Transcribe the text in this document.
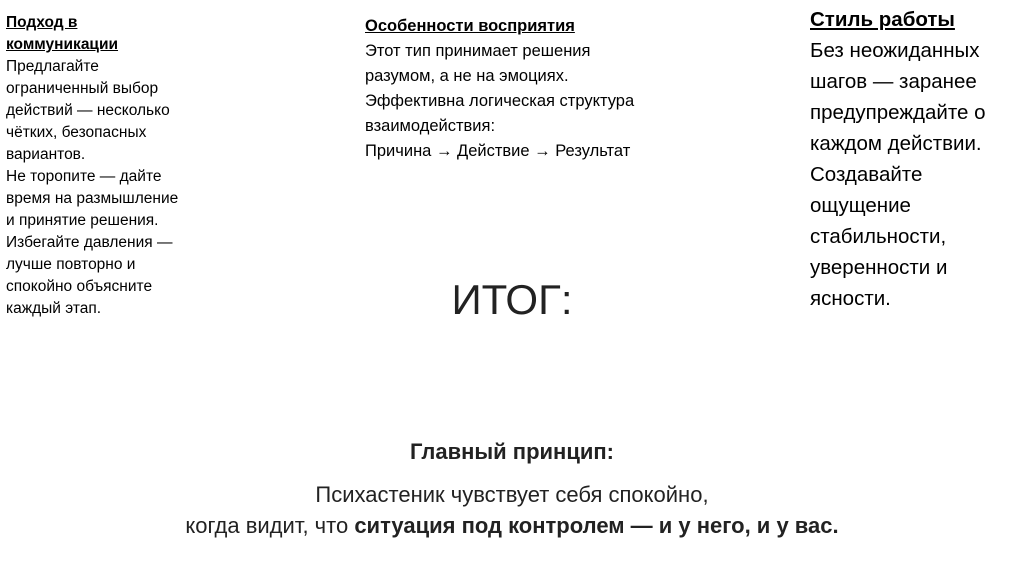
Подход в
коммуникации
Предлагайте
ограниченный выбор
действий — несколько
чётких, безопасных
вариантов.
Не торопите — дайте
время на размышление
и принятие решения.
Избегайте давления —
лучше повторно и
спокойно объясните
каждый этап.
Особенности восприятия
Этот тип принимает решения
разумом, а не на эмоциях.
Эффективна логическая структура
взаимодействия:
Причина → Действие → Результат
Стиль работы
Без неожиданных
шагов — заранее
предупреждайте о
каждом действии.
Создавайте
ощущение
стабильности,
уверенности и
ясности.
ИТОГ:
Главный принцип:
Психастеник чувствует себя спокойно,
когда видит, что ситуация под контролем — и у него, и у вас.
